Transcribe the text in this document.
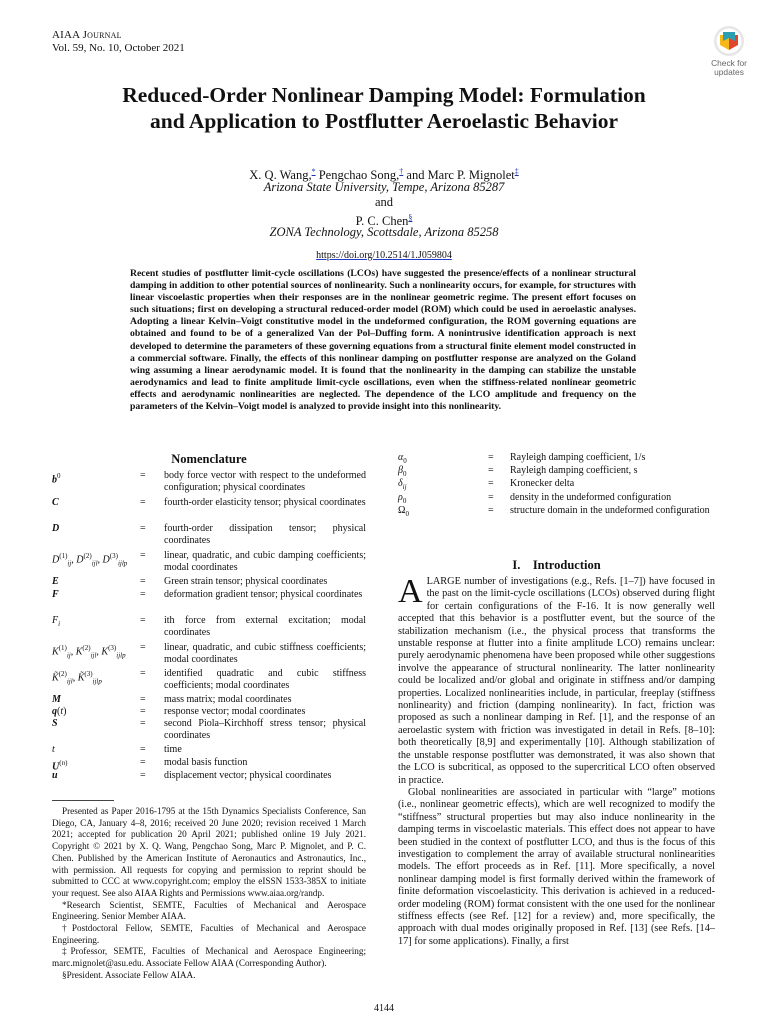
AIAA Journal
Vol. 59, No. 10, October 2021
Check for
updates
Reduced-Order Nonlinear Damping Model: Formulation
and Application to Postflutter Aeroelastic Behavior
X. Q. Wang,* Pengchao Song,† and Marc P. Mignolet‡
Arizona State University, Tempe, Arizona 85287
and
P. C. Chen§
ZONA Technology, Scottsdale, Arizona 85258
https://doi.org/10.2514/1.J059804
Recent studies of postflutter limit-cycle oscillations (LCOs) have suggested the presence/effects of a nonlinear structural damping in addition to other potential sources of nonlinearity. Such a nonlinearity occurs, for example, for structures with linear viscoelastic properties when their responses are in the nonlinear geometric regime. The present effort focuses on such situations; first on developing a structural reduced-order model (ROM) which could be used in aeroelastic analyses. Adopting a linear Kelvin–Voigt constitutive model in the undeformed configuration, the ROM governing equations are obtained and found to be of a generalized Van der Pol–Duffing form. A nonintrusive identification approach is next developed to determine the parameters of these governing equations from a structural finite element model constructed in a commercial software. Finally, the effects of this nonlinear damping on postflutter response are analyzed on the Goland wing assuming a linear aerodynamic model. It is found that the nonlinearity in the damping can stabilize the unstable aerodynamics and lead to finite amplitude limit-cycle oscillations, even when the stiffness-related nonlinear geometric effects and aerodynamic nonlinearities are neglected. The dependence of the LCO amplitude and frequency on the parameters of the Kelvin–Voigt model is analyzed to provide insight into this nonlinearity.
Nomenclature
$b^0$	= body force vector with respect to the undeformed configuration; physical coordinates
C	= fourth-order elasticity tensor; physical coordinates
D	= fourth-order dissipation tensor; physical coordinates
$D^{(1)}_{ij}$, $D^{(2)}_{ijl}$, $D^{(3)}_{ijlp}$
= linear, quadratic, and cubic damping coefficients; modal coordinates
E	= Green strain tensor; physical coordinates
F	= deformation gradient tensor; physical coordinates
$F_i$	= ith force from external excitation; modal coordinates
$K^{(1)}_{ij}$, $K^{(2)}_{ijl}$, $K^{(3)}_{ijlp}$
= linear, quadratic, and cubic stiffness coefficients; modal coordinates
K̃$^{(2)}_{ijl}$, K̃$^{(3)}_{ijlp}$
= identified quadratic and cubic stiffness coefficients; modal coordinates
M	= mass matrix; modal coordinates
q(t)	= response vector; modal coordinates
S	= second Piola–Kirchhoff stress tensor; physical coordinates
t	= time
$U^{(n)}$	= modal basis function
u	= displacement vector; physical coordinates
$\alpha_0$	= Rayleigh damping coefficient, 1/s
$\beta_0$	= Rayleigh damping coefficient, s
$\delta_{ij}$	= Kronecker delta
$\rho_0$	= density in the undeformed configuration
$\Omega_0$	= structure domain in the undeformed configuration

Presented as Paper 2016-1795 at the 15th Dynamics Specialists Conference, San Diego, CA, January 4–8, 2016; received 20 June 2020; revision received 1 March 2021; accepted for publication 20 April 2021; published online 19 July 2021. Copyright © 2021 by X. Q. Wang, Pengchao Song, Marc P. Mignolet, and P. C. Chen. Published by the American Institute of Aeronautics and Astronautics, Inc., with permission. All requests for copying and permission to reprint should be submitted to CCC at www.copyright.com; employ the eISSN 1533-385X to initiate your request. See also AIAA Rights and Permissions www.aiaa.org/randp.

*Research Scientist, SEMTE, Faculties of Mechanical and Aerospace Engineering. Senior Member AIAA.

†Postdoctoral Fellow, SEMTE, Faculties of Mechanical and Aerospace Engineering.

‡Professor, SEMTE, Faculties of Mechanical and Aerospace Engineering; marc.mignolet@asu.edu. Associate Fellow AIAA (Corresponding Author).

§President. Associate Fellow AIAA.

I. Introduction

ALARGE number of investigations (e.g., Refs. [1–7]) have focused in the past on the limit-cycle oscillations (LCOs) observed during flight for certain configurations of the F-16. It is now generally well accepted that this behavior is a postflutter event, but the source of the stabilization mechanism (i.e., the physical process that transforms the unstable response at flutter into a finite amplitude LCO) remains unclear: purely aerodynamic phenomena have been proposed while other suggestions involve the appearance of structural nonlinearity. The latter nonlinearity could be localized and/or global and originate in stiffness and/or damping properties. Localized nonlinearities include, in particular, freeplay (stiffness nonlinearity) and friction (damping nonlinearity). In fact, friction was proposed as such a nonlinear damping in Ref. [1], and the response of an aeroelastic system with friction was investigated in detail in Refs. [8–10]: both theoretically [8,9] and experimentally [10]. Although stabilization of the unstable response postflutter was demonstrated, it was also shown that the LCO is subcritical, as opposed to the supercritical LCO often observed in practice.

Global nonlinearities are associated in particular with “large” motions (i.e., nonlinear geometric effects), which are well recognized to modify the “stiffness” structural properties but may also induce nonlinearity in the damping terms in viscoelastic materials. This effect does not appear to have been studied in the context of postflutter LCO, and thus is the focus of this investigation to complement the array of available structural nonlinearities models. The effort proceeds as in Ref. [11]. More specifically, a novel nonlinear damping model is first formally derived within the framework of finite deformation viscoelasticity. This derivation is achieved in a reduced-order modeling (ROM) format consistent with the one used for the nonlinear stiffness effects (see Ref. [12] for a review) and, more specifically, the approach with dual modes originally proposed in Ref. [13] (see Refs. [14–17] for some applications). Finally, a first

4144
